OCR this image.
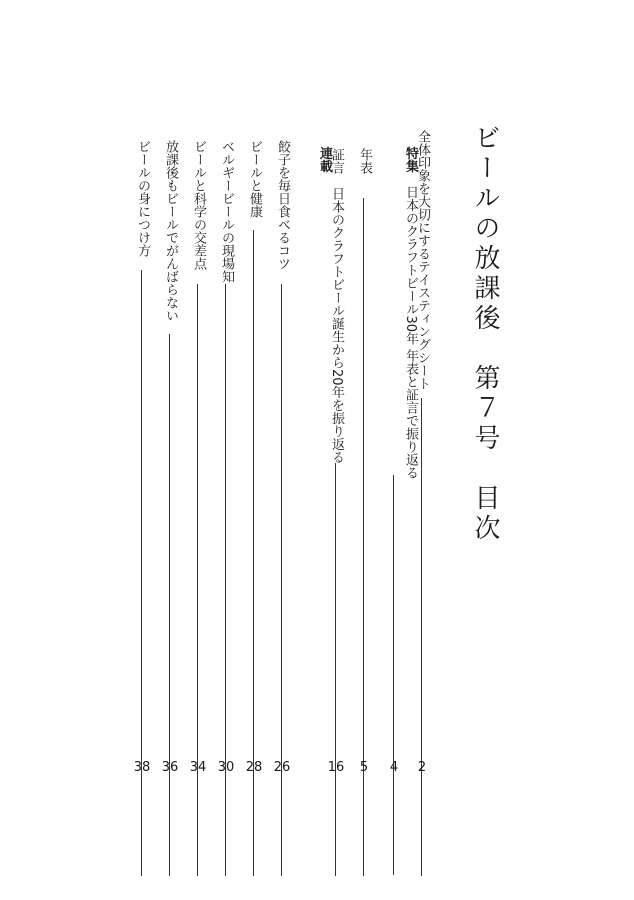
ビールの放課後　第７号　目次
全体印象を大切にするテイスティングシート
2

特集　日本のクラフトビール30年 年表と証言で振り返る

4
年表
5
証言　日本のクラフトビール誕生から20年を振り返る
16

連載

餃子を毎日食べるコツ
26
ビールと健康
28
ベルギービールの現場知
30
ビールと科学の交差点
34
放課後もビールでがんばらない
36
ビールの身につけ方
38
